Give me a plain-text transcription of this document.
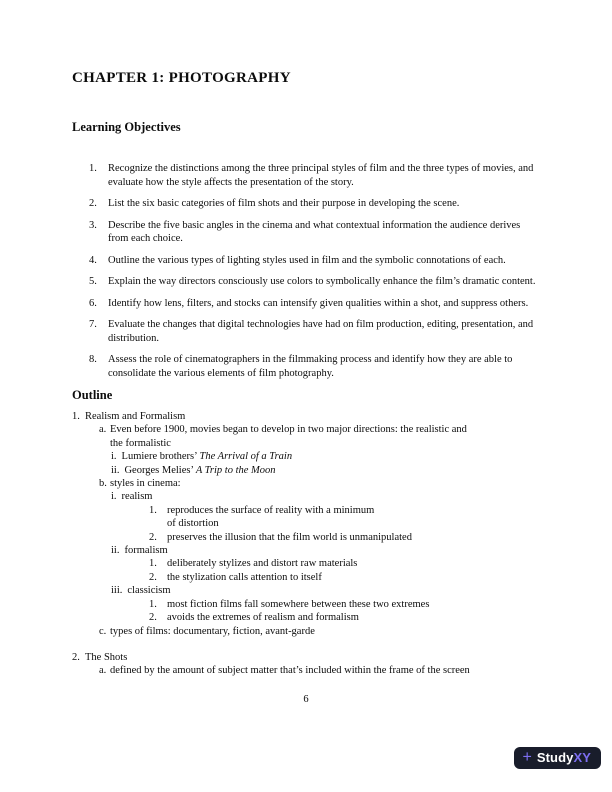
CHAPTER 1: PHOTOGRAPHY
Learning Objectives
1.	Recognize the distinctions among the three principal styles of film and the three types of movies, and evaluate how the style affects the presentation of the story.
2.	List the six basic categories of film shots and their purpose in developing the scene.
3.	Describe the five basic angles in the cinema and what contextual information the audience derives from each choice.
4.	Outline the various types of lighting styles used in film and the symbolic connotations of each.
5.	Explain the way directors consciously use colors to symbolically enhance the film’s dramatic content.
6.	Identify how lens, filters, and stocks can intensify given qualities within a shot, and suppress others.
7.	Evaluate the changes that digital technologies have had on film production, editing, presentation, and distribution.
8.	Assess the role of cinematographers in the filmmaking process and identify how they are able to consolidate the various elements of film photography.
Outline
1. Realism and Formalism
a. Even before 1900, movies began to develop in two major directions: the realistic and
the formalistic
i. Lumiere brothers’ The Arrival of a Train
ii. Georges Melies’ A Trip to the Moon
b. styles in cinema:
i. realism
1. reproduces the surface of reality with a minimum
of distortion
2. preserves the illusion that the film world is unmanipulated
ii. formalism
1. deliberately stylizes and distort raw materials
2. the stylization calls attention to itself
iii. classicism
1. most fiction films fall somewhere between these two extremes
2. avoids the extremes of realism and formalism
c. types of films: documentary, fiction, avant-garde
2. The Shots
a. defined by the amount of subject matter that’s included within the frame of the screen
6
+ StudyXY
